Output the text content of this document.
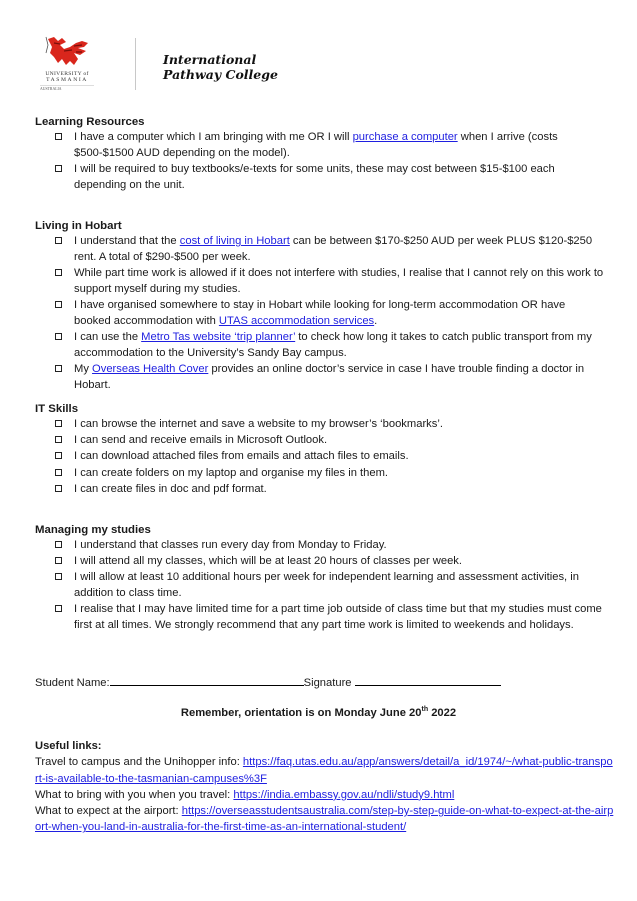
UNIVERSITY of
TASMANIA
AUSTRALIA
International
Pathway College
Learning Resources
I have a computer which I am bringing with me OR I will purchase a computer when I arrive (costs $500-$1500 AUD depending on the model).
I will be required to buy textbooks/e-texts for some units, these may cost between $15-$100 each depending on the unit.
Living in Hobart
I understand that the cost of living in Hobart can be between $170-$250 AUD per week PLUS $120-$250 rent. A total of $290-$500 per week.
While part time work is allowed if it does not interfere with studies, I realise that I cannot rely on this work to support myself during my studies.
I have organised somewhere to stay in Hobart while looking for long-term accommodation OR have booked accommodation with UTAS accommodation services.
I can use the Metro Tas website ‘trip planner’ to check how long it takes to catch public transport from my accommodation to the University’s Sandy Bay campus.
My Overseas Health Cover provides an online doctor’s service in case I have trouble finding a doctor in Hobart.
IT Skills
I can browse the internet and save a website to my browser’s ‘bookmarks’.
I can send and receive emails in Microsoft Outlook.
I can download attached files from emails and attach files to emails.
I can create folders on my laptop and organise my files in them.
I can create files in doc and pdf format.
Managing my studies
I understand that classes run every day from Monday to Friday.
I will attend all my classes, which will be at least 20 hours of classes per week.
I will allow at least 10 additional hours per week for independent learning and assessment activities, in addition to class time.
I realise that I may have limited time for a part time job outside of class time but that my studies must come first at all times. We strongly recommend that any part time work is limited to weekends and holidays.
Student Name:	Signature
Remember, orientation is on Monday June 20th 2022
Useful links:
Travel to campus and the Unihopper info: https://faq.utas.edu.au/app/answers/detail/a_id/1974/~/what-public-transport-is-available-to-the-tasmanian-campuses%3F
What to bring with you when you travel: https://india.embassy.gov.au/ndli/study9.html
What to expect at the airport: https://overseasstudentsaustralia.com/step-by-step-guide-on-what-to-expect-at-the-airport-when-you-land-in-australia-for-the-first-time-as-an-international-student/
